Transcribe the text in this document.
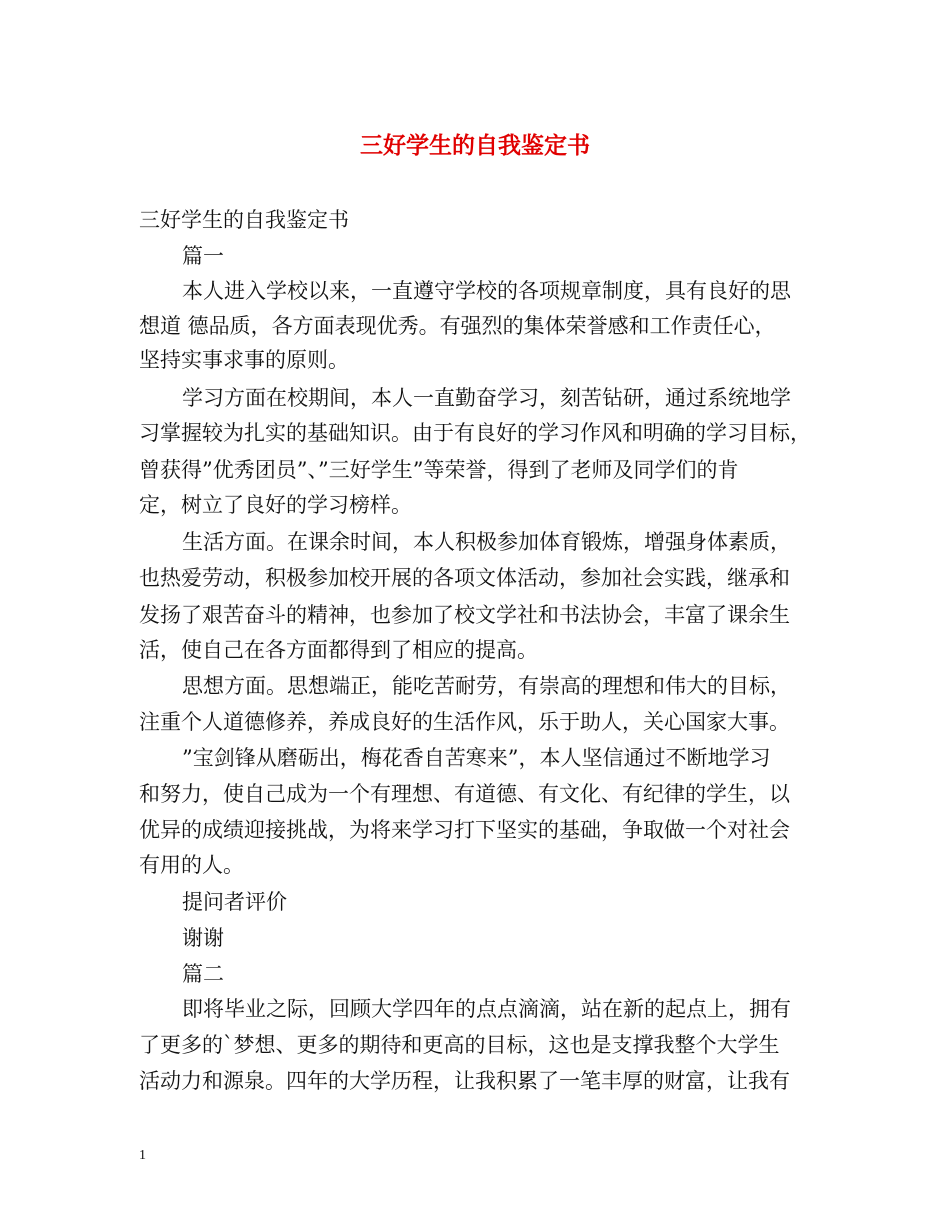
三好学生的自我鉴定书
三好学生的自我鉴定书
篇一
本人进入学校以来，一直遵守学校的各项规章制度，具有良好的思
想道 德品质，各方面表现优秀。有强烈的集体荣誉感和工作责任心，
坚持实事求事的原则。
学习方面在校期间，本人一直勤奋学习，刻苦钻研，通过系统地学
习掌握较为扎实的基础知识。由于有良好的学习作风和明确的学习目标，
曾获得”优秀团员”、”三好学生”等荣誉，得到了老师及同学们的肯
定，树立了良好的学习榜样。
生活方面。在课余时间，本人积极参加体育锻炼，增强身体素质，
也热爱劳动，积极参加校开展的各项文体活动，参加社会实践，继承和
发扬了艰苦奋斗的精神，也参加了校文学社和书法协会，丰富了课余生
活，使自己在各方面都得到了相应的提高。
思想方面。思想端正，能吃苦耐劳，有崇高的理想和伟大的目标，
注重个人道德修养，养成良好的生活作风，乐于助人，关心国家大事。
”宝剑锋从磨砺出，梅花香自苦寒来”，本人坚信通过不断地学习
和努力，使自己成为一个有理想、有道德、有文化、有纪律的学生，以
优异的成绩迎接挑战，为将来学习打下坚实的基础，争取做一个对社会
有用的人。
提问者评价
谢谢
篇二
即将毕业之际，回顾大学四年的点点滴滴，站在新的起点上，拥有
了更多的`梦想、更多的期待和更高的目标，这也是支撑我整个大学生
活动力和源泉。四年的大学历程，让我积累了一笔丰厚的财富，让我有
1
